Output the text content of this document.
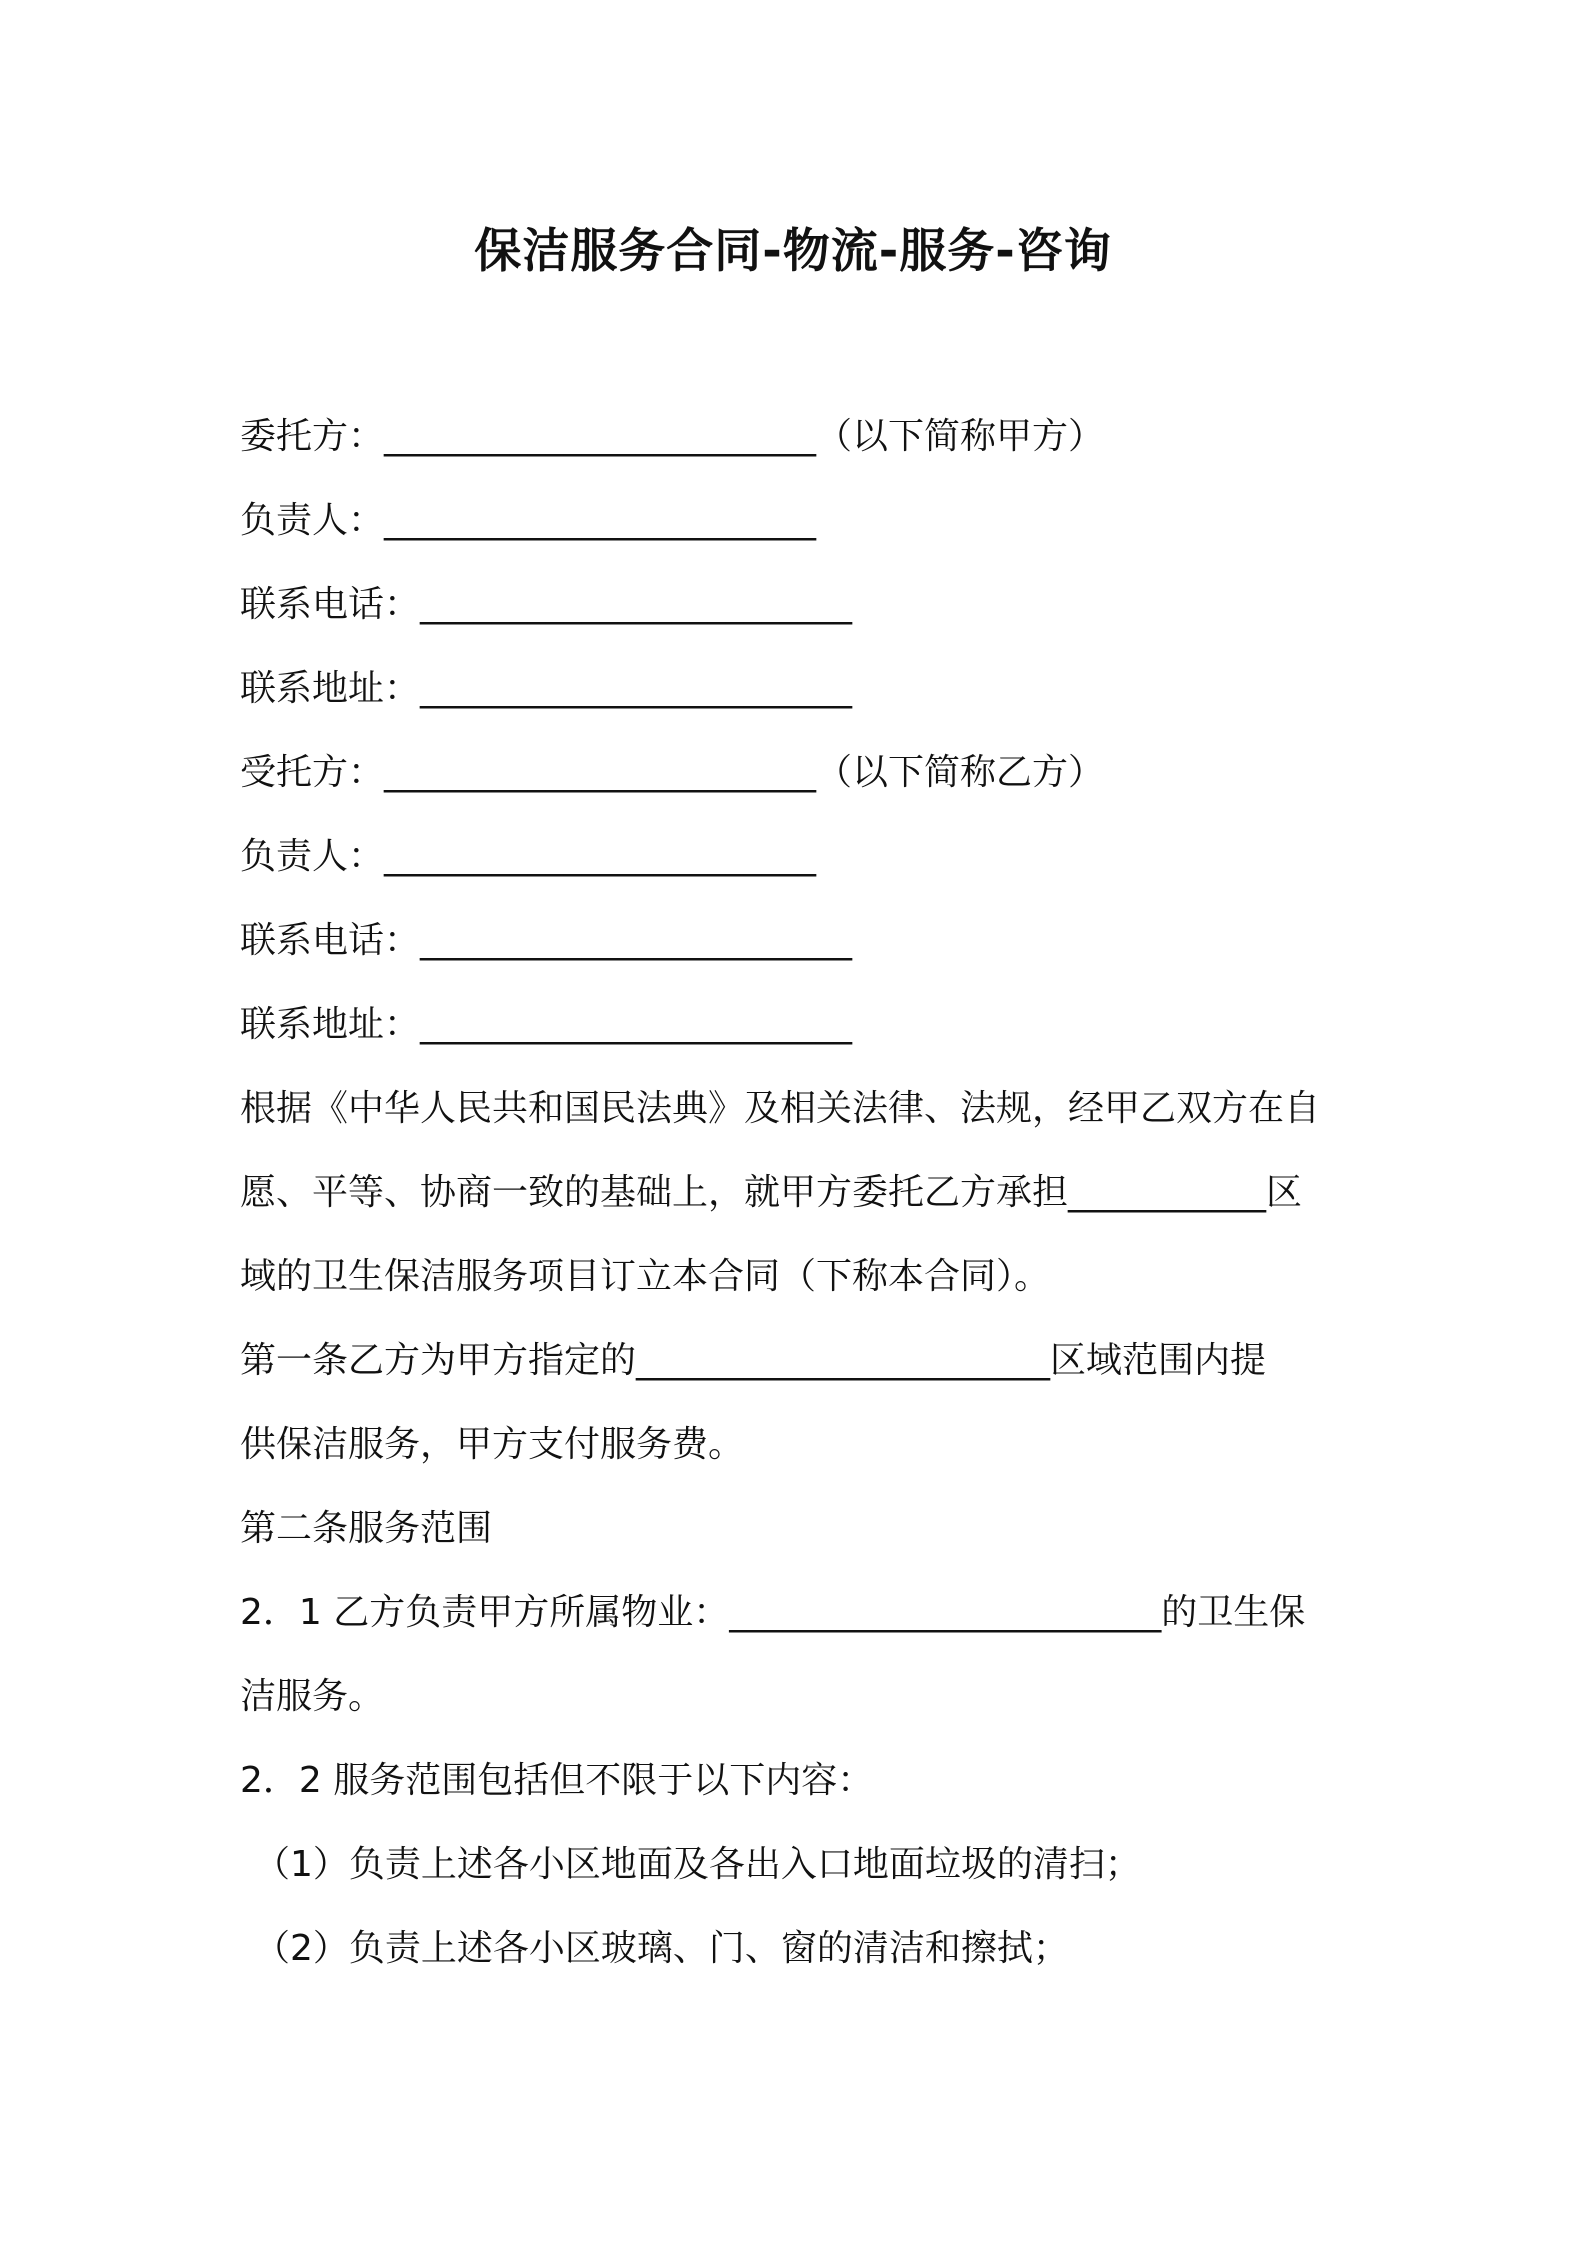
保洁服务合同-物流-服务-咨询
委托方：________________________（以下简称甲方）
负责人：________________________
联系电话：________________________
联系地址：________________________
受托方：________________________（以下简称乙方）
负责人：________________________
联系电话：________________________
联系地址：________________________
根据《中华人民共和国民法典》及相关法律、法规，经甲乙双方在自
愿、平等、协商一致的基础上，就甲方委托乙方承担___________区
域的卫生保洁服务项目订立本合同（下称本合同）。
第一条乙方为甲方指定的_______________________区域范围内提
供保洁服务，甲方支付服务费。
第二条服务范围
2．1 乙方负责甲方所属物业：________________________的卫生保
洁服务。
2．2 服务范围包括但不限于以下内容：
（1）负责上述各小区地面及各出入口地面垃圾的清扫；
（2）负责上述各小区玻璃、门、窗的清洁和擦拭；
